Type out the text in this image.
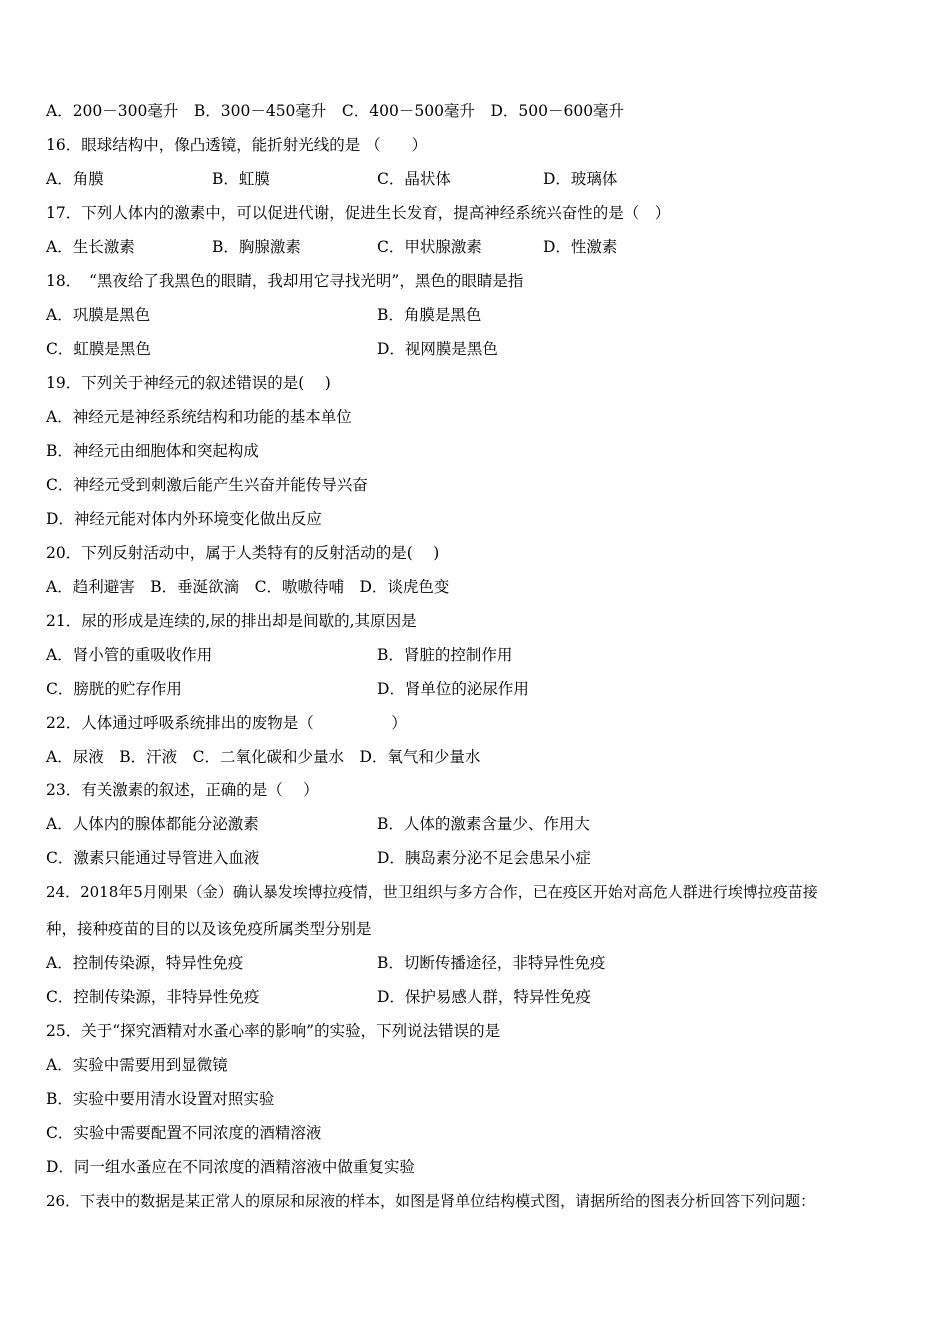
A．200－300毫升　B．300－450毫升　C．400－500毫升　D．500－600毫升
16．眼球结构中，像凸透镜，能折射光线的是 （　　）
A．角膜	B．虹膜	C．晶状体	D．玻璃体
17．下列人体内的激素中，可以促进代谢，促进生长发育，提高神经系统兴奋性的是（　）
A．生长激素	B．胸腺激素	C．甲状腺激素	D．性激素
18．　“黑夜给了我黑色的眼睛，我却用它寻找光明”，黑色的眼睛是指
A．巩膜是黑色	B．角膜是黑色
C．虹膜是黑色	D．视网膜是黑色
19．下列关于神经元的叙述错误的是(　 )
A．神经元是神经系统结构和功能的基本单位
B．神经元由细胞体和突起构成
C．神经元受到刺激后能产生兴奋并能传导兴奋
D．神经元能对体内外环境变化做出反应
20．下列反射活动中，属于人类特有的反射活动的是(　 )
A．趋利避害　B．垂涎欲滴　C．嗷嗷待哺　D．谈虎色变
21．尿的形成是连续的,尿的排出却是间歇的,其原因是
A．肾小管的重吸收作用	B．肾脏的控制作用
C．膀胱的贮存作用	D．肾单位的泌尿作用
22．人体通过呼吸系统排出的废物是（　　　　　）
A．尿液　B．汗液　C．二氧化碳和少量水　D．氧气和少量水
23．有关激素的叙述，正确的是（　 ）
A．人体内的腺体都能分泌激素	B．人体的激素含量少、作用大
C．激素只能通过导管进入血液	D．胰岛素分泌不足会患呆小症
24．2018年5月刚果（金）确认暴发埃博拉疫情，世卫组织与多方合作，已在疫区开始对高危人群进行埃博拉疫苗接
种，接种疫苗的目的以及该免疫所属类型分别是
A．控制传染源，特异性免疫	B．切断传播途径，非特异性免疫
C．控制传染源，非特异性免疫	D．保护易感人群，特异性免疫
25．关于“探究酒精对水蚤心率的影响”的实验，下列说法错误的是
A．实验中需要用到显微镜
B．实验中要用清水设置对照实验
C．实验中需要配置不同浓度的酒精溶液
D．同一组水蚤应在不同浓度的酒精溶液中做重复实验
26．下表中的数据是某正常人的原尿和尿液的样本，如图是肾单位结构模式图，请据所给的图表分析回答下列问题：
